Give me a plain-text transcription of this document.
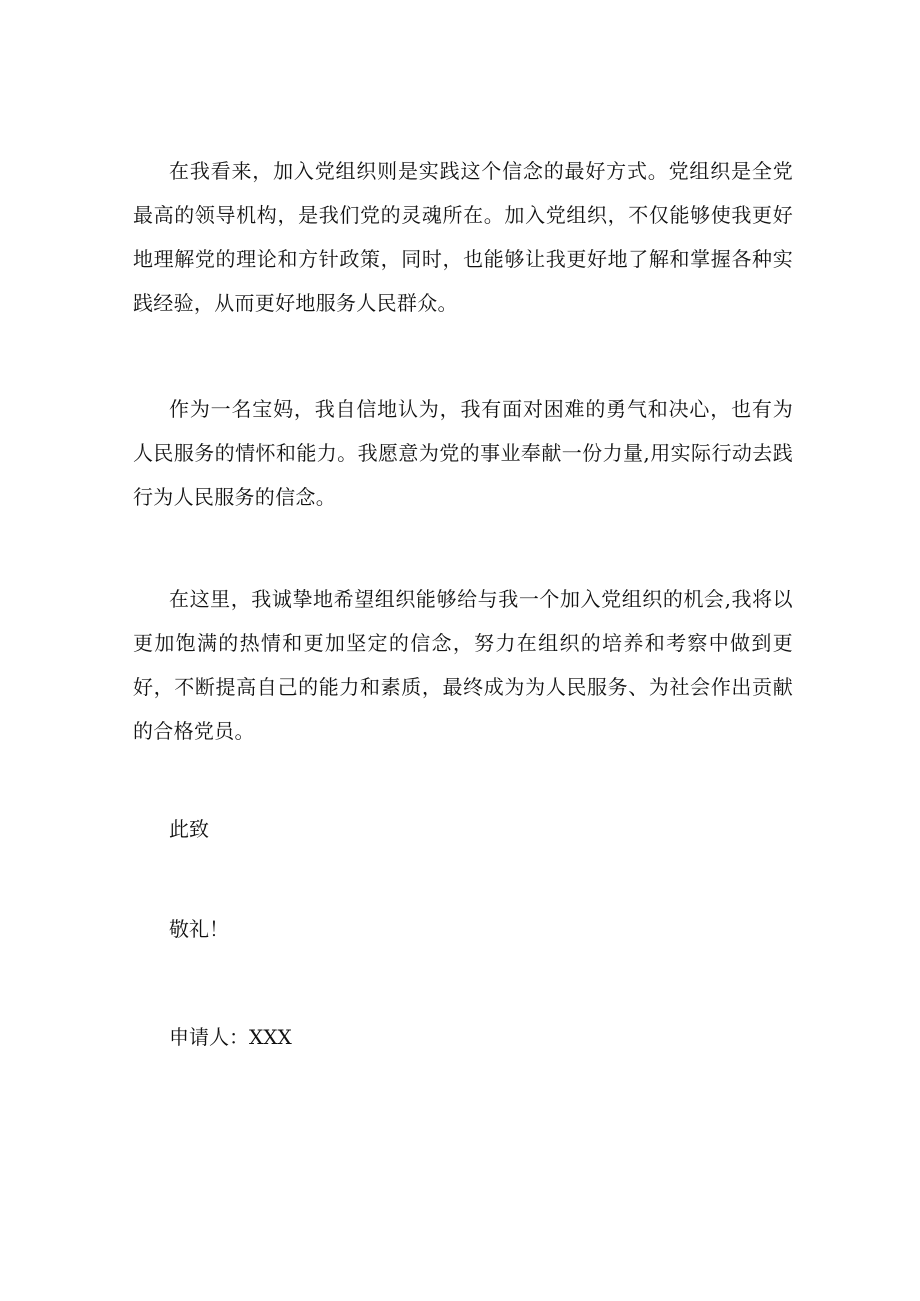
在我看来，加入党组织则是实践这个信念的最好方式。党组织是全党最高的领导机构，是我们党的灵魂所在。加入党组织，不仅能够使我更好地理解党的理论和方针政策，同时，也能够让我更好地了解和掌握各种实践经验，从而更好地服务人民群众。

作为一名宝妈，我自信地认为，我有面对困难的勇气和决心，也有为人民服务的情怀和能力。我愿意为党的事业奉献一份力量,用实际行动去践行为人民服务的信念。

在这里，我诚挚地希望组织能够给与我一个加入党组织的机会,我将以更加饱满的热情和更加坚定的信念，努力在组织的培养和考察中做到更好，不断提高自己的能力和素质，最终成为为人民服务、为社会作出贡献的合格党员。

此致
敬礼！
申请人：XXX
